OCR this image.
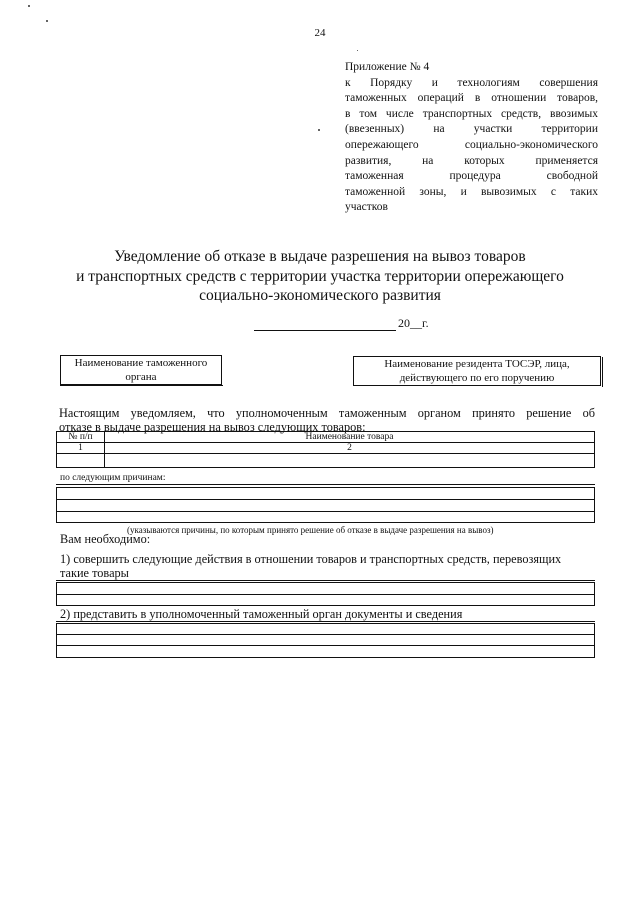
24
Приложение № 4
к Порядку и технологиям совершения
таможенных операций в отношении товаров,
в том числе транспортных средств, ввозимых
(ввезенных) на участки территории
опережающего социально-экономического
развития, на которых применяется
таможенная процедура свободной
таможенной зоны, и вывозимых с таких
участков
Уведомление об отказе в выдаче разрешения на вывоз товаров
и транспортных средств с территории участка территории опережающего
социально-экономического развития
20__г.
Наименование таможенного
органа
Наименование резидента ТОСЭР, лица,
действующего по его поручению
Настоящим уведомляем, что уполномоченным таможенным органом принято решение об
отказе в выдаче разрешения на вывоз следующих товаров:
№ п/п	Наименование товара
1	2

по следующим причинам:
(указываются причины, по которым принято решение об отказе в выдаче разрешения на вывоз)
Вам необходимо:
1) совершить следующие действия в отношении товаров и транспортных средств, перевозящих
такие товары
2) представить в уполномоченный таможенный орган документы и сведения
